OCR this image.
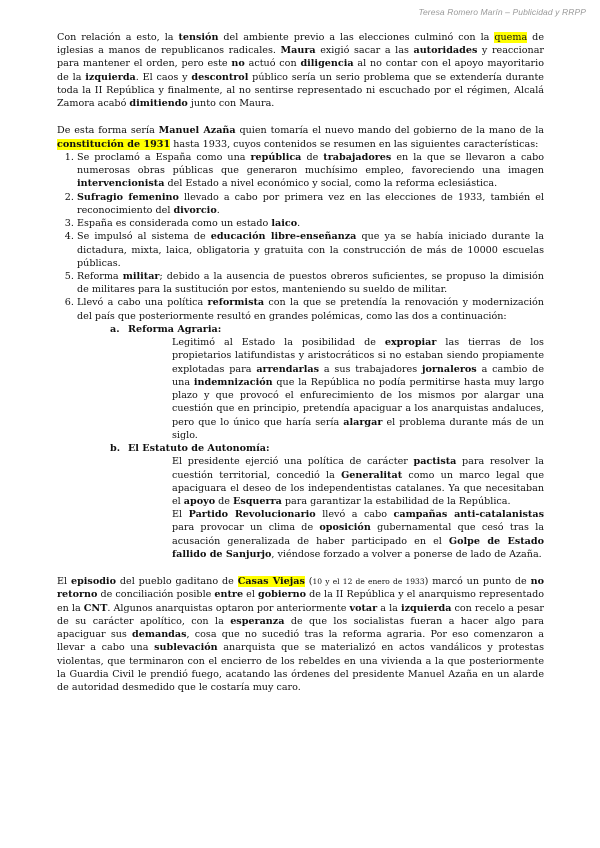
Teresa Romero Marín – Publicidad y RRPP

Con relación a esto, la tensión del ambiente previo a las elecciones culminó con la quema de iglesias a manos de republicanos radicales. Maura exigió sacar a las autoridades y reaccionar para mantener el orden, pero este no actuó con diligencia al no contar con el apoyo mayoritario de la izquierda. El caos y descontrol público sería un serio problema que se extendería durante toda la II República y finalmente, al no sentirse representado ni escuchado por el régimen, Alcalá Zamora acabó dimitiendo junto con Maura.

De esta forma sería Manuel Azaña quien tomaría el nuevo mando del gobierno de la mano de la constitución de 1931 hasta 1933, cuyos contenidos se resumen en las siguientes características:

1. Se proclamó a España como una república de trabajadores en la que se llevaron a cabo numerosas obras públicas que generaron muchísimo empleo, favoreciendo una imagen intervencionista del Estado a nivel económico y social, como la reforma eclesiástica.
2. Sufragio femenino llevado a cabo por primera vez en las elecciones de 1933, también el reconocimiento del divorcio.
3. España es considerada como un estado laico.
4. Se impulsó al sistema de educación libre-enseñanza que ya se había iniciado durante la dictadura, mixta, laica, obligatoria y gratuita con la construcción de más de 10000 escuelas públicas.
5. Reforma militar; debido a la ausencia de puestos obreros suficientes, se propuso la dimisión de militares para la sustitución por estos, manteniendo su sueldo de militar.
6. Llevó a cabo una política reformista con la que se pretendía la renovación y modernización del país que posteriormente resultó en grandes polémicas, como las dos a continuación:
a. Reforma Agraria:

Legitimó al Estado la posibilidad de expropiar las tierras de los propietarios latifundistas y aristocráticos si no estaban siendo propiamente explotadas para arrendarlas a sus trabajadores jornaleros a cambio de una indemnización que la República no podía permitirse hasta muy largo plazo y que provocó el enfurecimiento de los mismos por alargar una cuestión que en principio, pretendía apaciguar a los anarquistas andaluces, pero que lo único que haría sería alargar el problema durante más de un siglo.

b. El Estatuto de Autonomía:

El presidente ejerció una política de carácter pactista para resolver la cuestión territorial, concedió la Generalitat como un marco legal que apaciguara el deseo de los independentistas catalanes. Ya que necesitaban el apoyo de Esquerra para garantizar la estabilidad de la República.

El Partido Revolucionario llevó a cabo campañas anti-catalanistas para provocar un clima de oposición gubernamental que cesó tras la acusación generalizada de haber participado en el Golpe de Estado fallido de Sanjurjo, viéndose forzado a volver a ponerse de lado de Azaña.

El episodio del pueblo gaditano de Casas Viejas (10 y el 12 de enero de 1933) marcó un punto de no retorno de conciliación posible entre el gobierno de la II República y el anarquismo representado en la CNT. Algunos anarquistas optaron por anteriormente votar a la izquierda con recelo a pesar de su carácter apolítico, con la esperanza de que los socialistas fueran a hacer algo para apaciguar sus demandas, cosa que no sucedió tras la reforma agraria. Por eso comenzaron a llevar a cabo una sublevación anarquista que se materializó en actos vandálicos y protestas violentas, que terminaron con el encierro de los rebeldes en una vivienda a la que posteriormente la Guardia Civil le prendió fuego, acatando las órdenes del presidente Manuel Azaña en un alarde de autoridad desmedido que le costaría muy caro.
